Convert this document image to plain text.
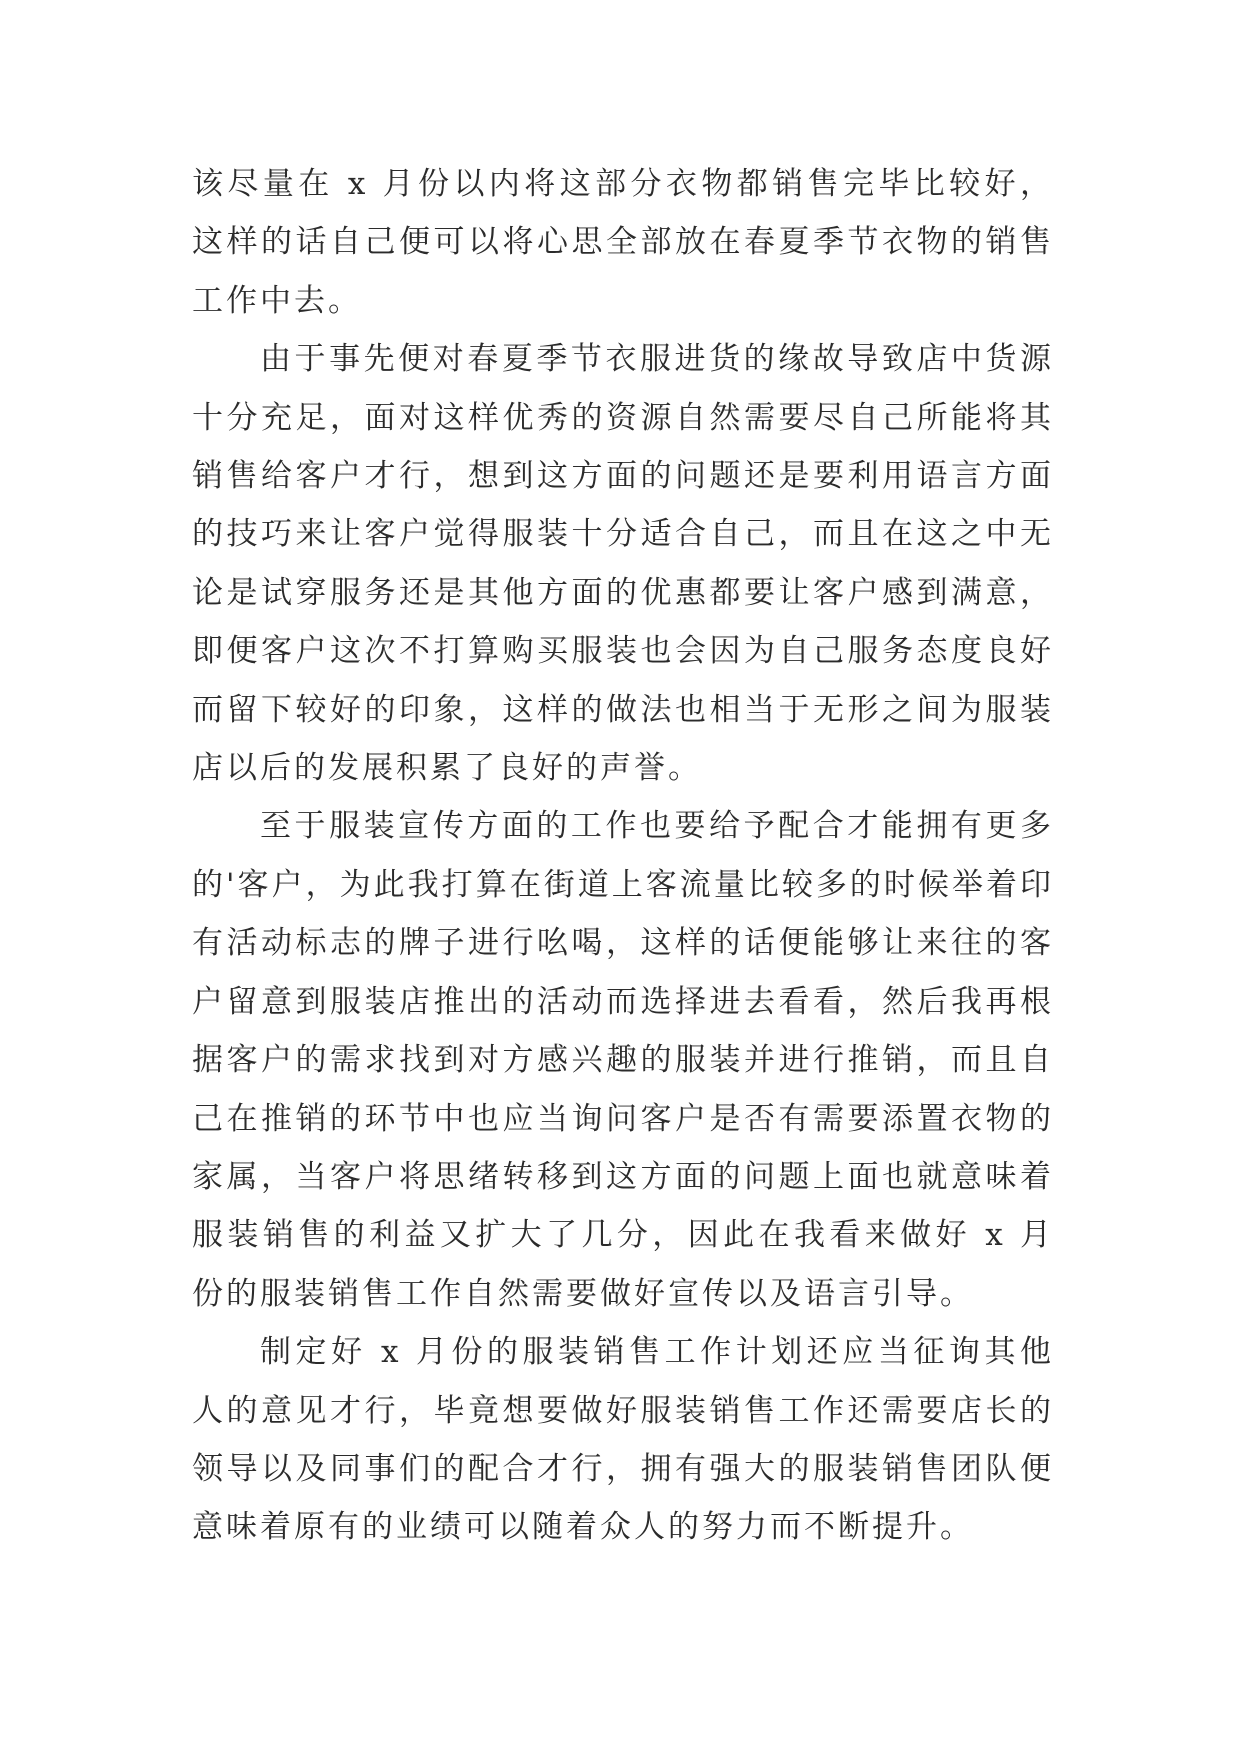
该尽量在 x 月份以内将这部分衣物都销售完毕比较好，这样的话自己便可以将心思全部放在春夏季节衣物的销售工作中去。

由于事先便对春夏季节衣服进货的缘故导致店中货源十分充足，面对这样优秀的资源自然需要尽自己所能将其销售给客户才行，想到这方面的问题还是要利用语言方面的技巧来让客户觉得服装十分适合自己，而且在这之中无论是试穿服务还是其他方面的优惠都要让客户感到满意，即便客户这次不打算购买服装也会因为自己服务态度良好而留下较好的印象，这样的做法也相当于无形之间为服装店以后的发展积累了良好的声誉。

至于服装宣传方面的工作也要给予配合才能拥有更多的'客户，为此我打算在街道上客流量比较多的时候举着印有活动标志的牌子进行吆喝，这样的话便能够让来往的客户留意到服装店推出的活动而选择进去看看，然后我再根据客户的需求找到对方感兴趣的服装并进行推销，而且自己在推销的环节中也应当询问客户是否有需要添置衣物的家属，当客户将思绪转移到这方面的问题上面也就意味着服装销售的利益又扩大了几分，因此在我看来做好 x 月份的服装销售工作自然需要做好宣传以及语言引导。

制定好 x 月份的服装销售工作计划还应当征询其他人的意见才行，毕竟想要做好服装销售工作还需要店长的领导以及同事们的配合才行，拥有强大的服装销售团队便意味着原有的业绩可以随着众人的努力而不断提升。
